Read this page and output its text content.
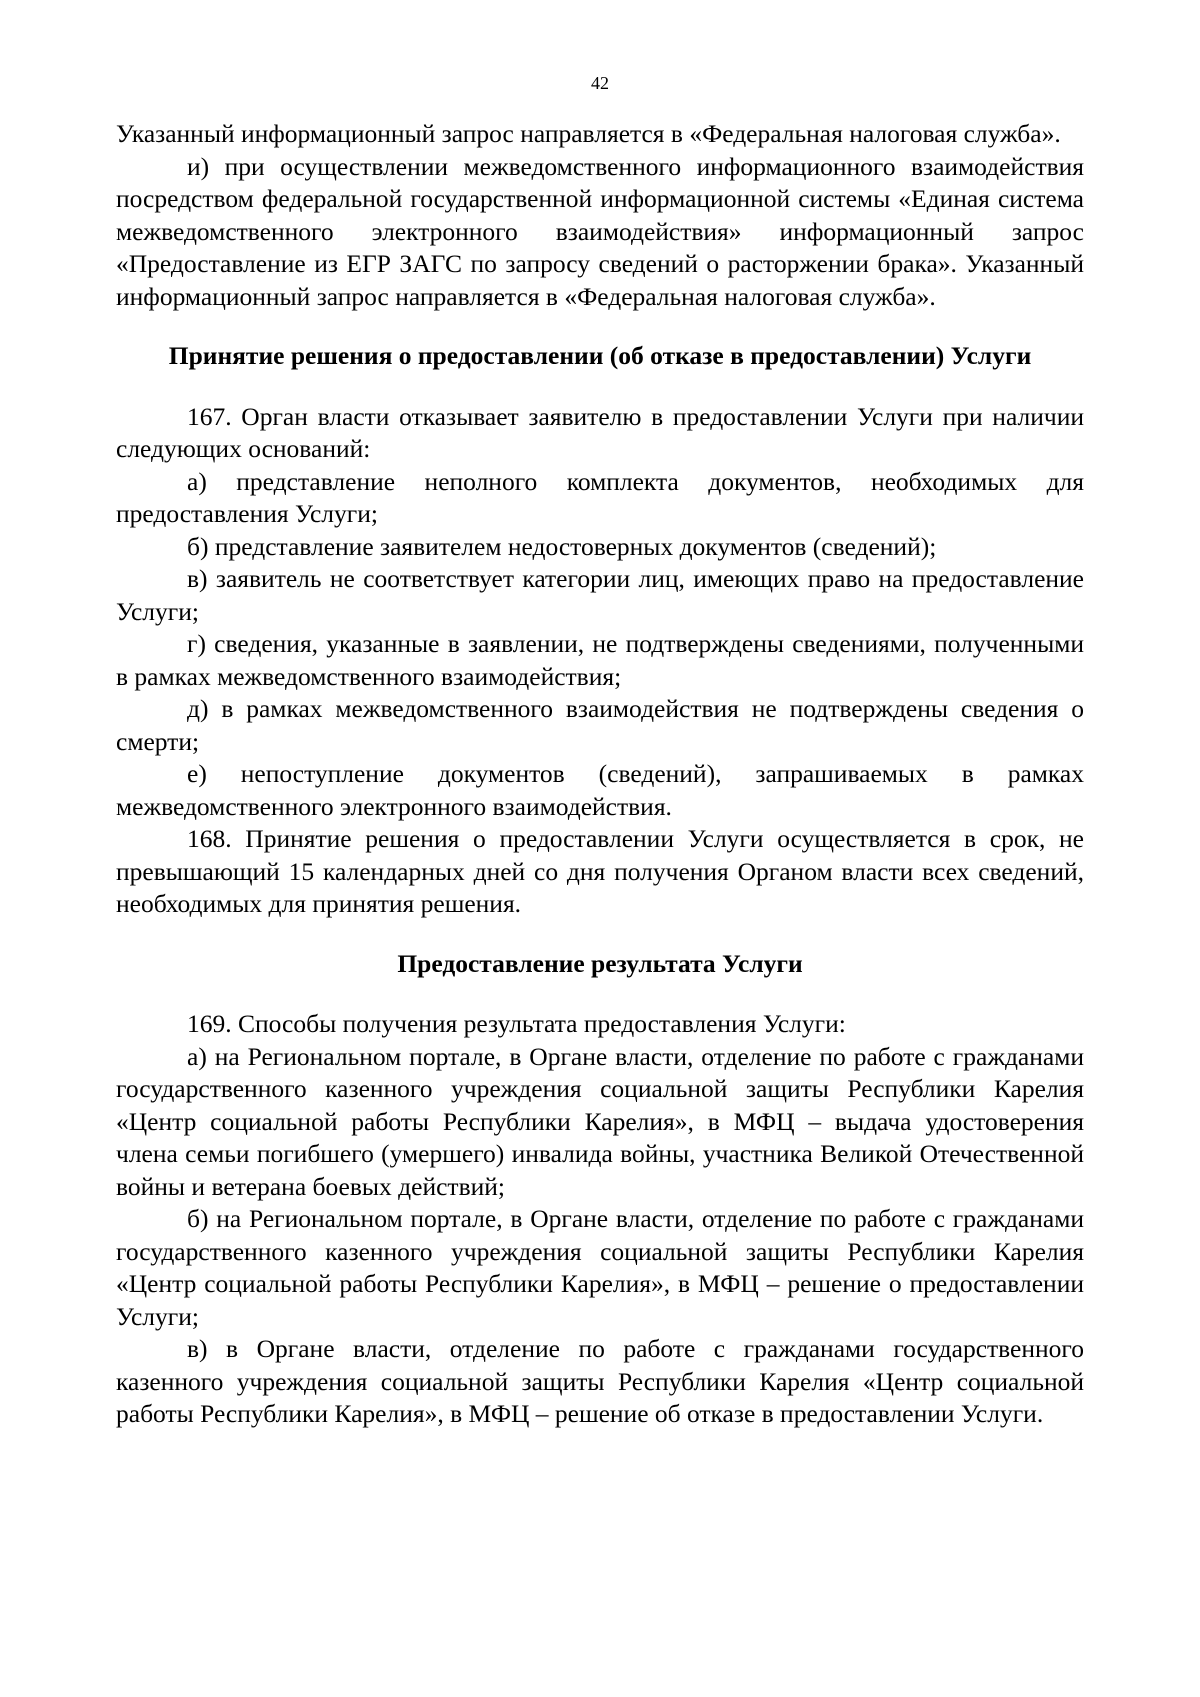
42

Указанный информационный запрос направляется в «Федеральная налоговая служба».

и) при осуществлении межведомственного информационного взаимодействия посредством федеральной государственной информационной системы «Единая система межведомственного электронного взаимодействия» информационный запрос «Предоставление из ЕГР ЗАГС по запросу сведений о расторжении брака». Указанный информационный запрос направляется в «Федеральная налоговая служба».

Принятие решения о предоставлении (об отказе в предоставлении) Услуги

167. Орган власти отказывает заявителю в предоставлении Услуги при наличии следующих оснований:

а) представление неполного комплекта документов, необходимых для предоставления Услуги;

б) представление заявителем недостоверных документов (сведений);

в) заявитель не соответствует категории лиц, имеющих право на предоставление Услуги;

г) сведения, указанные в заявлении, не подтверждены сведениями, полученными в рамках межведомственного взаимодействия;

д) в рамках межведомственного взаимодействия не подтверждены сведения о смерти;

е) непоступление документов (сведений), запрашиваемых в рамках межведомственного электронного взаимодействия.

168. Принятие решения о предоставлении Услуги осуществляется в срок, не превышающий 15 календарных дней со дня получения Органом власти всех сведений, необходимых для принятия решения.

Предоставление результата Услуги

169. Способы получения результата предоставления Услуги:

а) на Региональном портале, в Органе власти, отделение по работе с гражданами государственного казенного учреждения социальной защиты Республики Карелия «Центр социальной работы Республики Карелия», в МФЦ – выдача удостоверения члена семьи погибшего (умершего) инвалида войны, участника Великой Отечественной войны и ветерана боевых действий;

б) на Региональном портале, в Органе власти, отделение по работе с гражданами государственного казенного учреждения социальной защиты Республики Карелия «Центр социальной работы Республики Карелия», в МФЦ – решение о предоставлении Услуги;

в) в Органе власти, отделение по работе с гражданами государственного казенного учреждения социальной защиты Республики Карелия «Центр социальной работы Республики Карелия», в МФЦ – решение об отказе в предоставлении Услуги.
